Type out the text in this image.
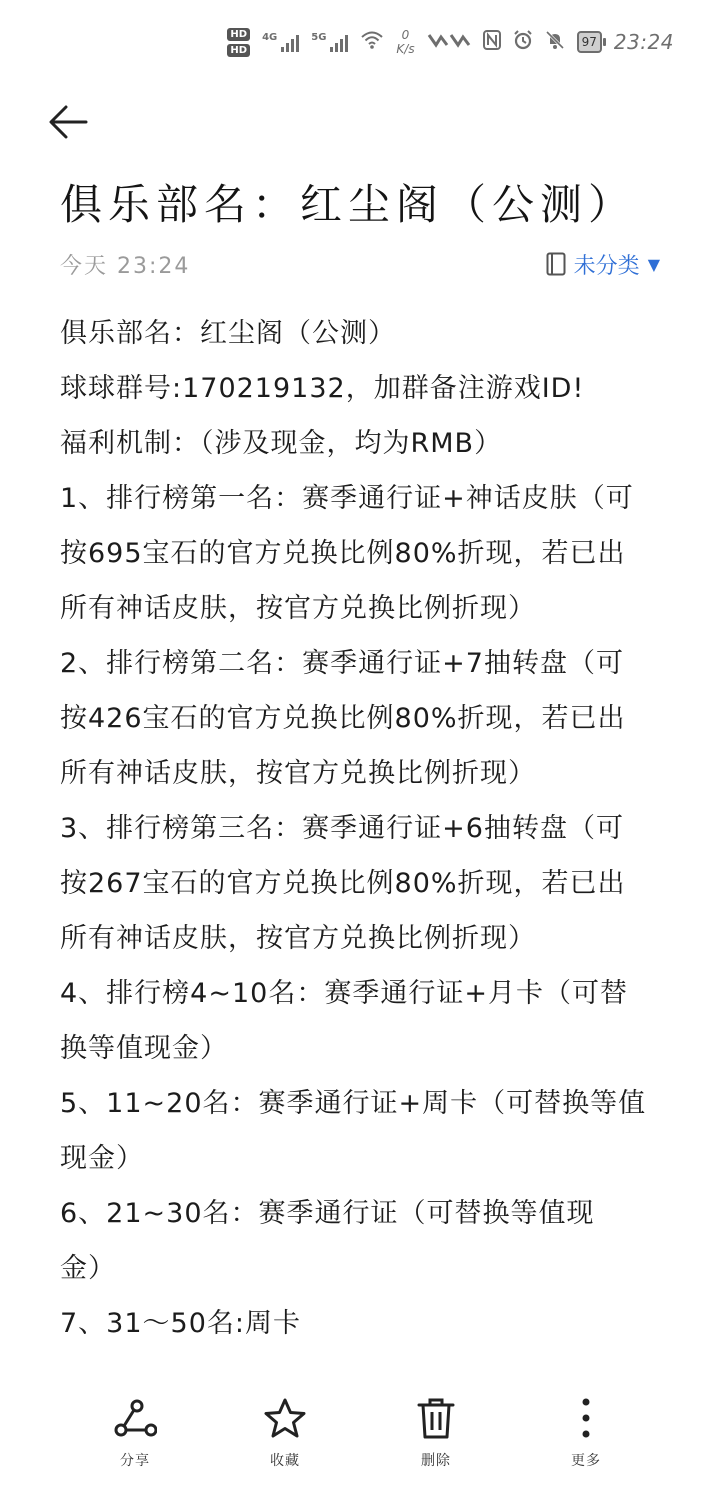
HD
HD
4G	5G	0
K/s	97 23:24
俱乐部名：红尘阁（公测）
今天 23:24	未分类 ▼
俱乐部名：红尘阁（公测）
球球群号:170219132，加群备注游戏ID!
福利机制：（涉及现金，均为RMB）
1、排行榜第一名：赛季通行证+神话皮肤（可
按695宝石的官方兑换比例80%折现，若已出
所有神话皮肤，按官方兑换比例折现）
2、排行榜第二名：赛季通行证+7抽转盘（可
按426宝石的官方兑换比例80%折现，若已出
所有神话皮肤，按官方兑换比例折现）
3、排行榜第三名：赛季通行证+6抽转盘（可
按267宝石的官方兑换比例80%折现，若已出
所有神话皮肤，按官方兑换比例折现）
4、排行榜4~10名：赛季通行证+月卡（可替
换等值现金）
5、11~20名：赛季通行证+周卡（可替换等值
现金）
6、21~30名：赛季通行证（可替换等值现
金）
7、31～50名:周卡
分享	收藏	删除	更多
